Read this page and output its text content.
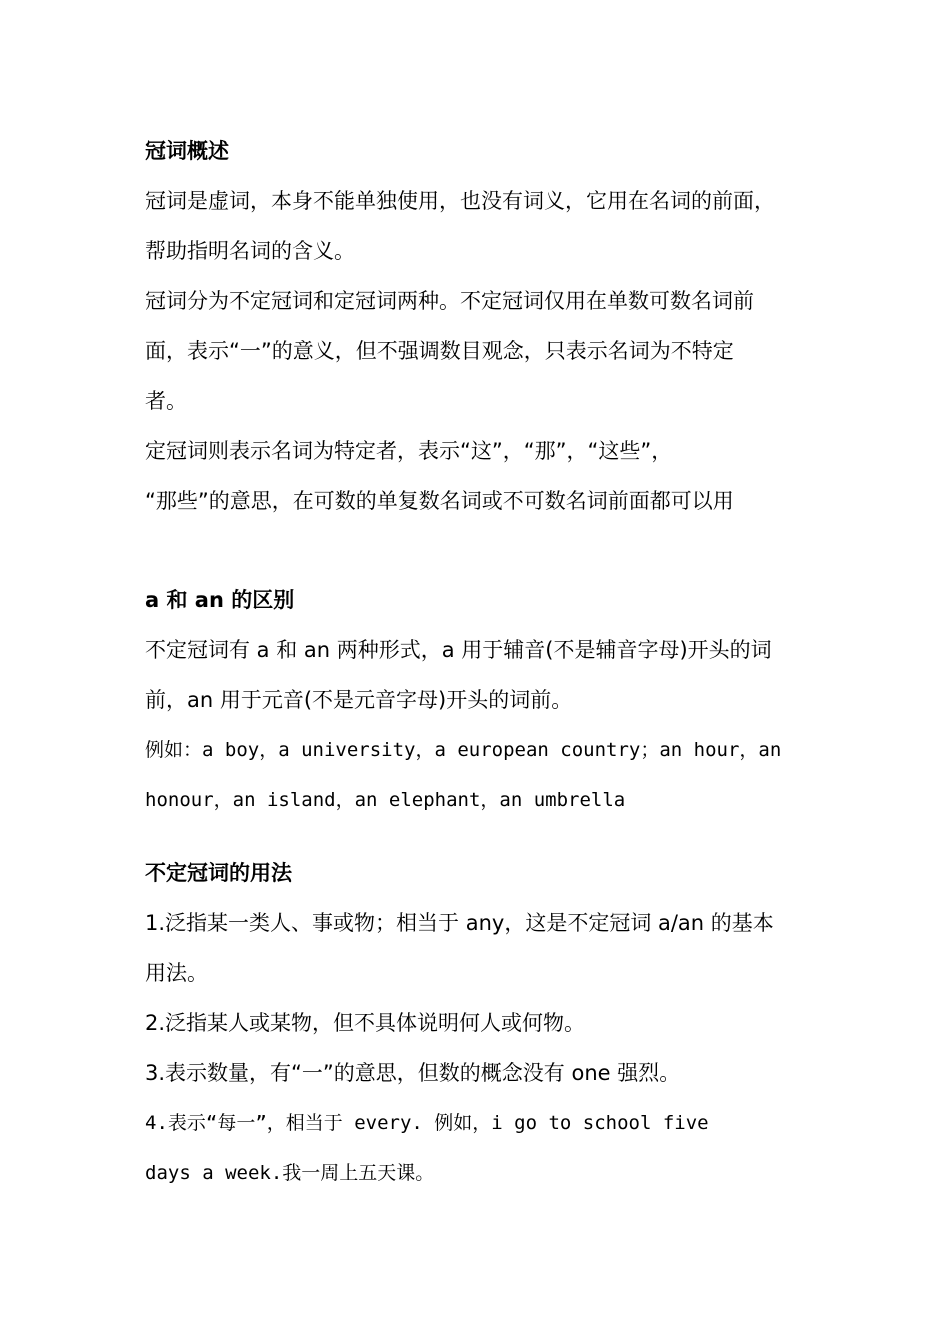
冠词概述
冠词是虚词，本身不能单独使用，也没有词义，它用在名词的前面，
帮助指明名词的含义。
冠词分为不定冠词和定冠词两种。不定冠词仅用在单数可数名词前
面，表示“一”的意义，但不强调数目观念，只表示名词为不特定
者。
定冠词则表示名词为特定者，表示“这”，“那”，“这些”，
“那些”的意思，在可数的单复数名词或不可数名词前面都可以用
a 和 an 的区别
不定冠词有 a 和 an 两种形式，a 用于辅音(不是辅音字母)开头的词
前，an 用于元音(不是元音字母)开头的词前。
例如：a boy，a university，a european country；an hour，an
honour，an island，an elephant，an umbrella
不定冠词的用法
1.泛指某一类人、事或物；相当于 any，这是不定冠词 a/an 的基本
用法。
2.泛指某人或某物，但不具体说明何人或何物。
3.表示数量，有“一”的意思，但数的概念没有 one 强烈。
4.表示“每一”，相当于 every. 例如，i go to school five
days a week.我一周上五天课。
